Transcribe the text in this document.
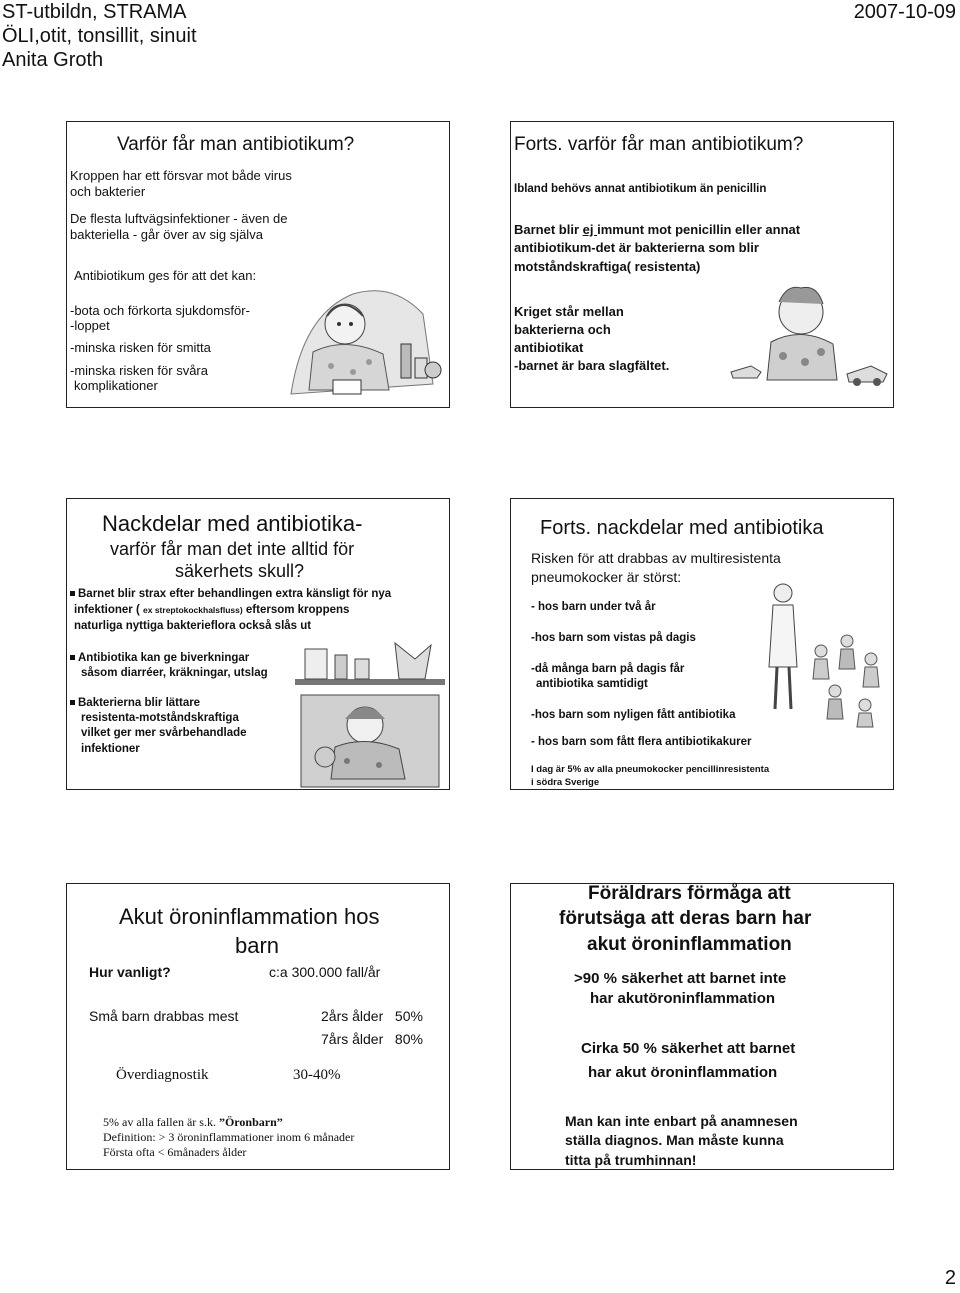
ST-utbildn, STRAMA
ÖLI,otit, tonsillit, sinuit
Anita Groth
2007-10-09
Varför får man antibiotikum?
Kroppen har ett försvar mot både virus
och bakterier
De flesta luftvägsinfektioner - även de
bakteriella - går över av sig själva
Antibiotikum ges för att det kan:
-bota och förkorta sjukdomsför-
-loppet
-minska risken för smitta
-minska risken för svåra
komplikationer
Forts. varför får man antibiotikum?
Ibland behövs annat antibiotikum än penicillin
Barnet blir ej immunt mot penicillin eller annat
antibiotikum-det är bakterierna som blir
motståndskraftiga( resistenta)
Kriget står mellan
bakterierna och
antibiotikat
-barnet är bara slagfältet.
Nackdelar med antibiotika-
varför får man det inte alltid för
säkerhets skull?
Barnet blir strax efter behandlingen extra känsligt för nya
infektioner ( ex streptokockhalsfluss) eftersom kroppens
naturliga nyttiga bakterieflora också slås ut
Antibiotika kan ge biverkningar
såsom diarréer, kräkningar, utslag
Bakterierna blir lättare
resistenta-motståndskraftiga
vilket ger mer svårbehandlade
infektioner
Forts. nackdelar med antibiotika
Risken för att drabbas av multiresistenta
pneumokocker är störst:
- hos barn under två år
-hos barn som vistas på dagis
-då många barn på dagis får
antibiotika samtidigt
-hos barn som nyligen fått antibiotika
- hos barn som fått flera antibiotikakurer
I dag är 5% av alla pneumokocker pencillinresistenta
i södra Sverige
Akut öroninflammation hos
barn
Hur vanligt?	c:a 300.000 fall/år
Små barn drabbas mest	2års ålder   50%
7års ålder   80%
Överdiagnostik	30-40%
5% av alla fallen är s.k. ”Öronbarn”
Definition: > 3 öroninflammationer inom 6 månader
Första ofta < 6månaders ålder
Föräldrars förmåga att
förutsäga att deras barn har
akut öroninflammation
>90 % säkerhet att barnet inte
har akutöroninflammation
Cirka 50 % säkerhet att barnet
har akut öroninflammation
Man kan inte enbart på anamnesen
ställa diagnos. Man måste kunna
titta på trumhinnan!
2
